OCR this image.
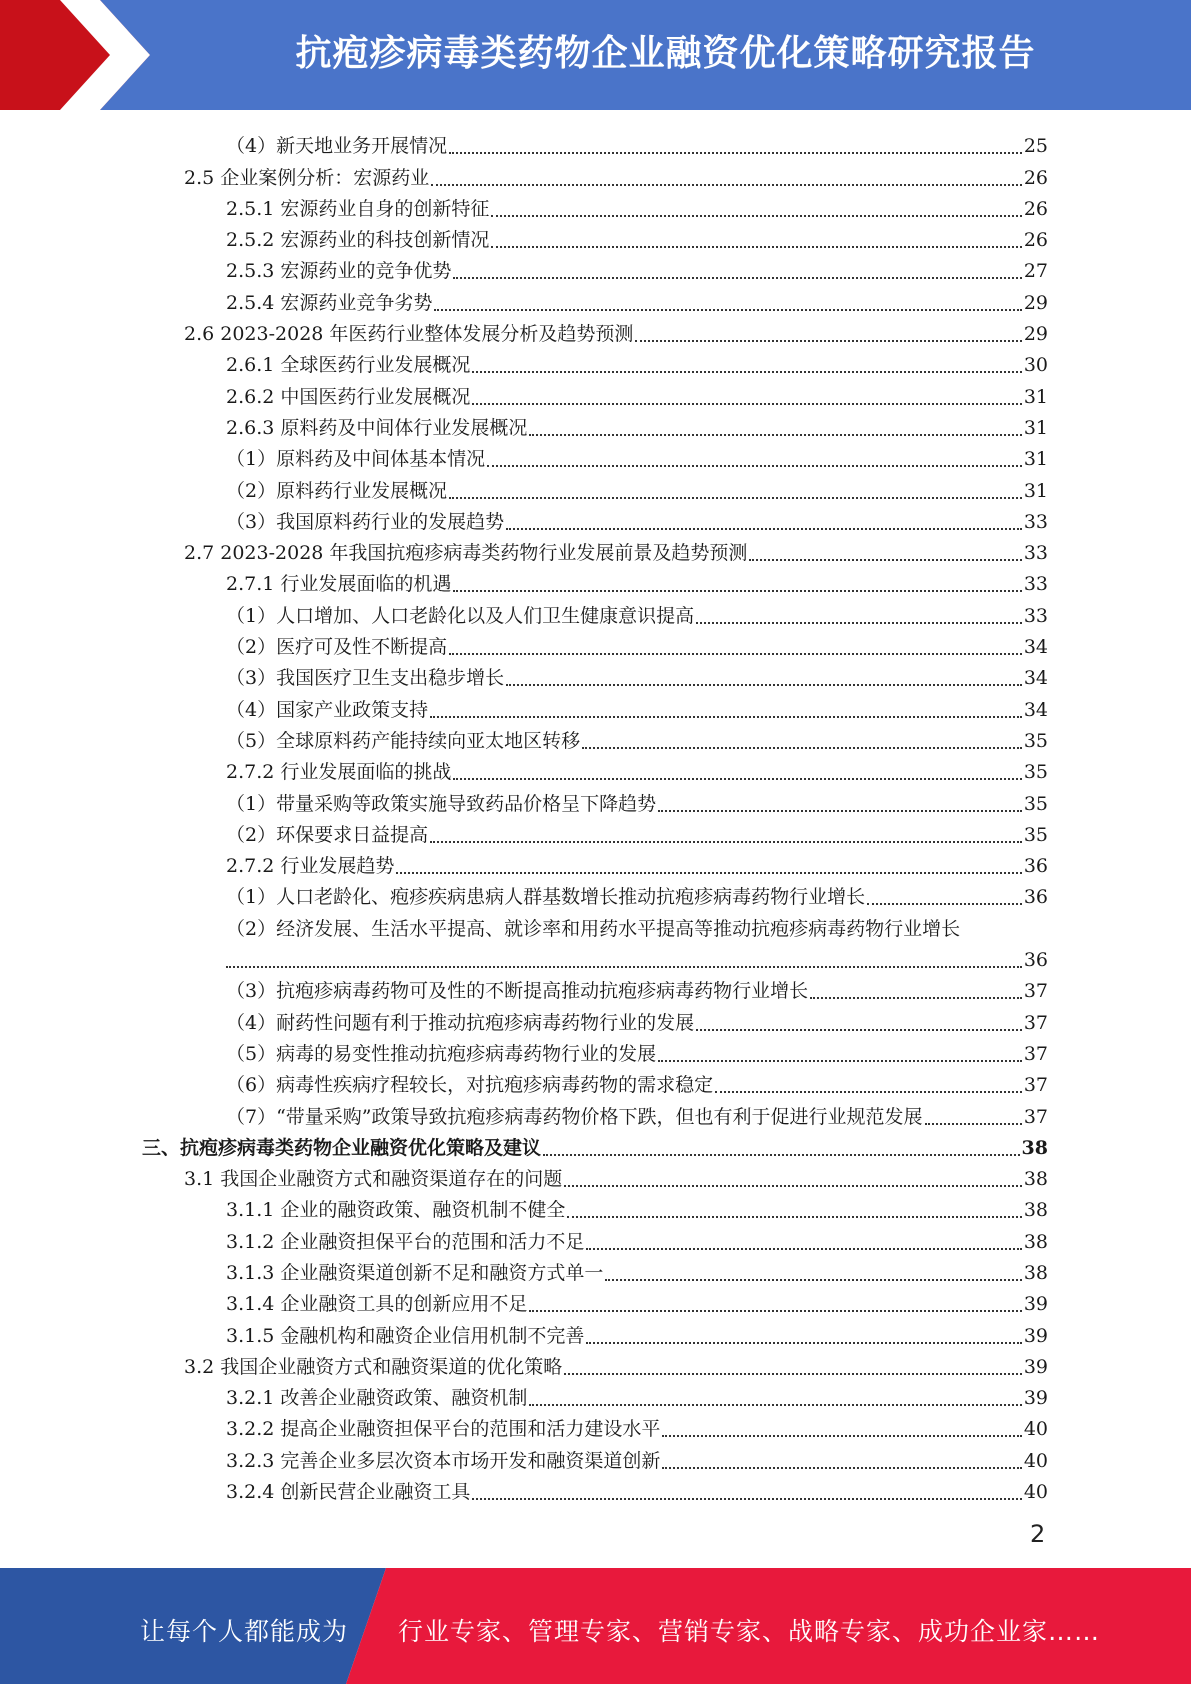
抗疱疹病毒类药物企业融资优化策略研究报告
（4）新天地业务开展情况	25
2.5 企业案例分析：宏源药业	26
2.5.1 宏源药业自身的创新特征	26
2.5.2 宏源药业的科技创新情况	26
2.5.3 宏源药业的竞争优势	27
2.5.4 宏源药业竞争劣势	29
2.6 2023-2028 年医药行业整体发展分析及趋势预测	29
2.6.1 全球医药行业发展概况	30
2.6.2 中国医药行业发展概况	31
2.6.3 原料药及中间体行业发展概况	31
（1）原料药及中间体基本情况	31
（2）原料药行业发展概况	31
（3）我国原料药行业的发展趋势	33
2.7 2023-2028 年我国抗疱疹病毒类药物行业发展前景及趋势预测	33
2.7.1 行业发展面临的机遇	33
（1）人口增加、人口老龄化以及人们卫生健康意识提高	33
（2）医疗可及性不断提高	34
（3）我国医疗卫生支出稳步增长	34
（4）国家产业政策支持	34
（5）全球原料药产能持续向亚太地区转移	35
2.7.2 行业发展面临的挑战	35
（1）带量采购等政策实施导致药品价格呈下降趋势	35
（2）环保要求日益提高	35
2.7.2 行业发展趋势	36
（1）人口老龄化、疱疹疾病患病人群基数增长推动抗疱疹病毒药物行业增长	36
（2）经济发展、生活水平提高、就诊率和用药水平提高等推动抗疱疹病毒药物行业增长
36
（3）抗疱疹病毒药物可及性的不断提高推动抗疱疹病毒药物行业增长	37
（4）耐药性问题有利于推动抗疱疹病毒药物行业的发展	37
（5）病毒的易变性推动抗疱疹病毒药物行业的发展	37
（6）病毒性疾病疗程较长，对抗疱疹病毒药物的需求稳定	37
（7）“带量采购”政策导致抗疱疹病毒药物价格下跌，但也有利于促进行业规范发展	37
三、抗疱疹病毒类药物企业融资优化策略及建议	38
3.1 我国企业融资方式和融资渠道存在的问题	38
3.1.1 企业的融资政策、融资机制不健全	38
3.1.2 企业融资担保平台的范围和活力不足	38
3.1.3 企业融资渠道创新不足和融资方式单一	38
3.1.4 企业融资工具的创新应用不足	39
3.1.5 金融机构和融资企业信用机制不完善	39
3.2 我国企业融资方式和融资渠道的优化策略	39
3.2.1 改善企业融资政策、融资机制	39
3.2.2 提高企业融资担保平台的范围和活力建设水平	40
3.2.3 完善企业多层次资本市场开发和融资渠道创新	40
3.2.4 创新民营企业融资工具	40
2
让每个人都能成为 行业专家、管理专家、营销专家、战略专家、成功企业家……
